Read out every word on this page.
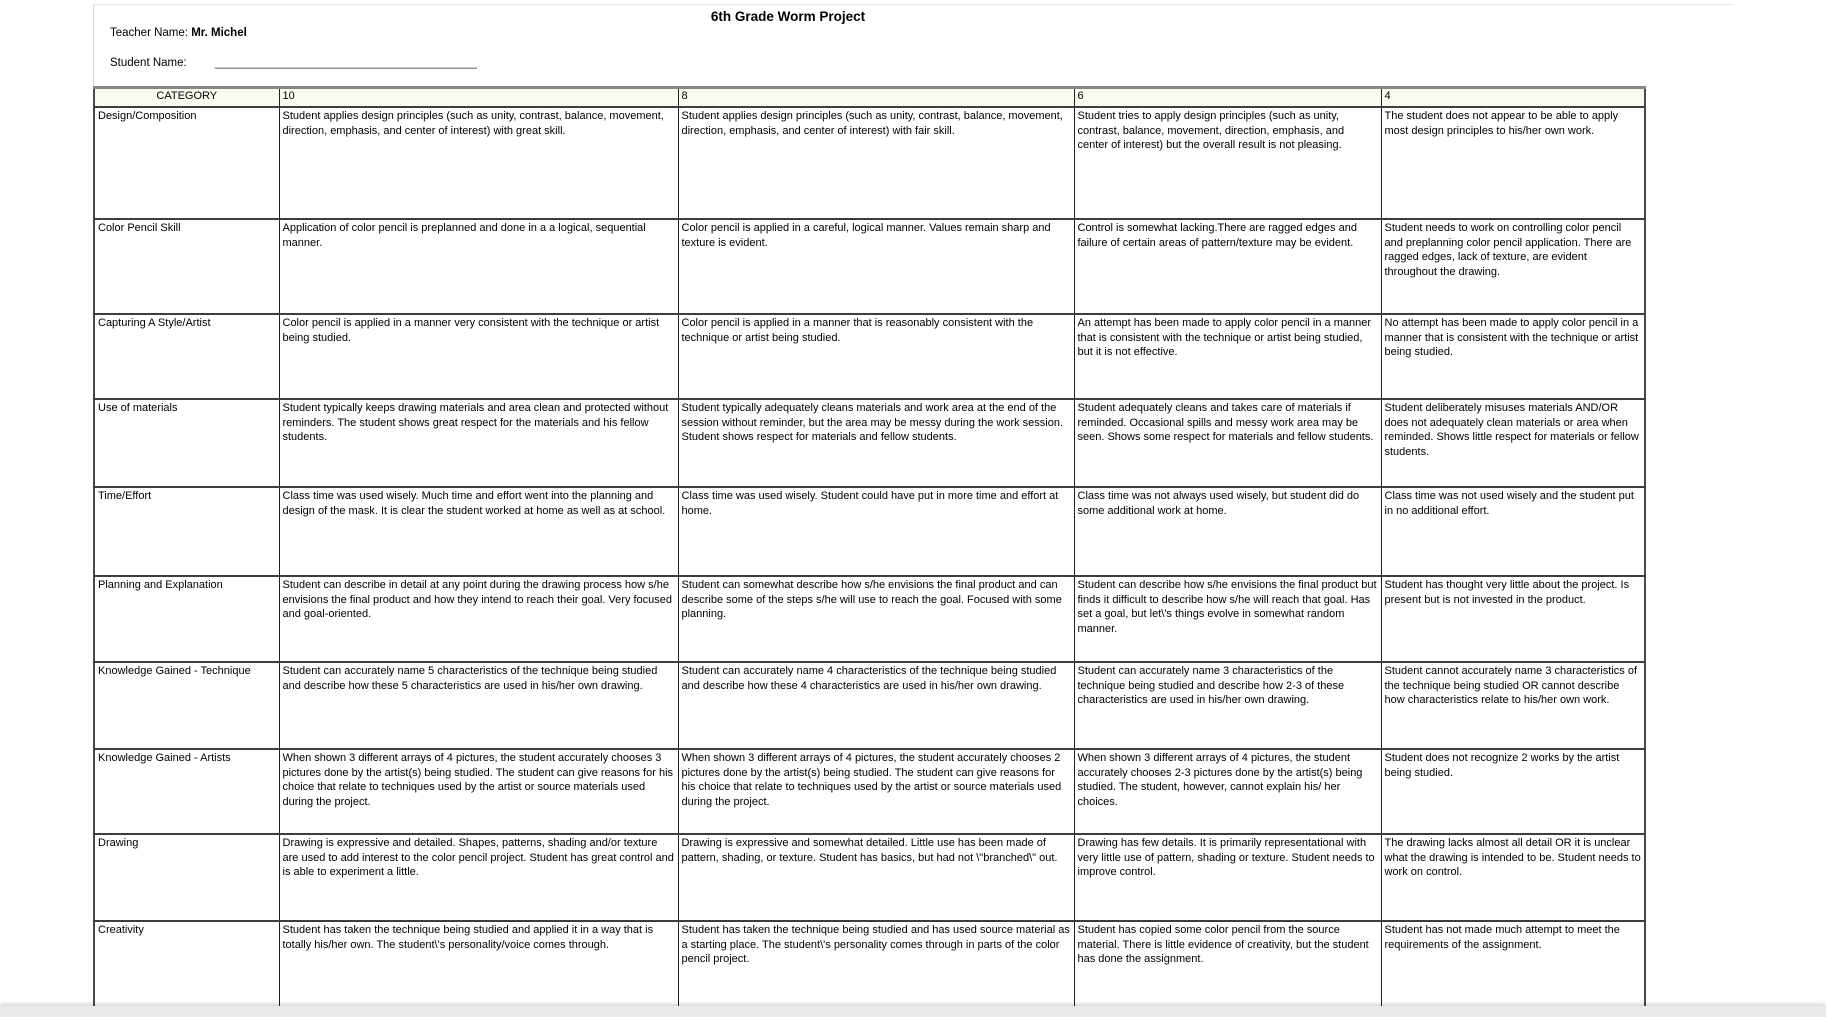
6th Grade Worm Project
Teacher Name: Mr. Michel
Student Name: _________________________________________
CATEGORY	10	8	6	4
Design/Composition	Student applies design principles (such as unity, contrast, balance, movement, direction, emphasis, and center of interest) with great skill.	Student applies design principles (such as unity, contrast, balance, movement, direction, emphasis, and center of interest) with fair skill.	Student tries to apply design principles (such as unity, contrast, balance, movement, direction, emphasis, and center of interest) but the overall result is not pleasing.	The student does not appear to be able to apply most design principles to his/her own work.
Color Pencil Skill	Application of color pencil is preplanned and done in a a logical, sequential manner.	Color pencil is applied in a careful, logical manner. Values remain sharp and texture is evident.	Control is somewhat lacking.There are ragged edges and failure of certain areas of pattern/texture may be evident.	Student needs to work on controlling color pencil and preplanning color pencil application. There are ragged edges, lack of texture, are evident throughout the drawing.
Capturing A Style/Artist	Color pencil is applied in a manner very consistent with the technique or artist being studied.	Color pencil is applied in a manner that is reasonably consistent with the technique or artist being studied.	An attempt has been made to apply color pencil in a manner that is consistent with the technique or artist being studied, but it is not effective.	No attempt has been made to apply color pencil in a manner that is consistent with the technique or artist being studied.
Use of materials	Student typically keeps drawing materials and area clean and protected without reminders. The student shows great respect for the materials and his fellow students.	Student typically adequately cleans materials and work area at the end of the session without reminder, but the area may be messy during the work session. Student shows respect for materials and fellow students.	Student adequately cleans and takes care of materials if reminded. Occasional spills and messy work area may be seen. Shows some respect for materials and fellow students.	Student deliberately misuses materials AND/OR does not adequately clean materials or area when reminded. Shows little respect for materials or fellow students.
Time/Effort	Class time was used wisely. Much time and effort went into the planning and design of the mask. It is clear the student worked at home as well as at school.	Class time was used wisely. Student could have put in more time and effort at home.	Class time was not always used wisely, but student did do some additional work at home.	Class time was not used wisely and the student put in no additional effort.
Planning and Explanation	Student can describe in detail at any point during the drawing process how s/he envisions the final product and how they intend to reach their goal. Very focused and goal-oriented.	Student can somewhat describe how s/he envisions the final product and can describe some of the steps s/he will use to reach the goal. Focused with some planning.	Student can describe how s/he envisions the final product but finds it difficult to describe how s/he will reach that goal. Has set a goal, but let\'s things evolve in somewhat random manner.	Student has thought very little about the project. Is present but is not invested in the product.
Knowledge Gained - Technique	Student can accurately name 5 characteristics of the technique being studied and describe how these 5 characteristics are used in his/her own drawing.	Student can accurately name 4 characteristics of the technique being studied and describe how these 4 characteristics are used in his/her own drawing.	Student can accurately name 3 characteristics of the technique being studied and describe how 2-3 of these characteristics are used in his/her own drawing.	Student cannot accurately name 3 characteristics of the technique being studied OR cannot describe how characteristics relate to his/her own work.
Knowledge Gained - Artists	When shown 3 different arrays of 4 pictures, the student accurately chooses 3 pictures done by the artist(s) being studied. The student can give reasons for his choice that relate to techniques used by the artist or source materials used during the project.	When shown 3 different arrays of 4 pictures, the student accurately chooses 2 pictures done by the artist(s) being studied. The student can give reasons for his choice that relate to techniques used by the artist or source materials used during the project.	When shown 3 different arrays of 4 pictures, the student accurately chooses 2-3 pictures done by the artist(s) being studied. The student, however, cannot explain his/ her choices.	Student does not recognize 2 works by the artist being studied.
Drawing	Drawing is expressive and detailed. Shapes, patterns, shading and/or texture are used to add interest to the color pencil project. Student has great control and is able to experiment a little.	Drawing is expressive and somewhat detailed. Little use has been made of pattern, shading, or texture. Student has basics, but had not \"branched\" out.	Drawing has few details. It is primarily representational with very little use of pattern, shading or texture. Student needs to improve control.	The drawing lacks almost all detail OR it is unclear what the drawing is intended to be. Student needs to work on control.
Creativity	Student has taken the technique being studied and applied it in a way that is totally his/her own. The student\'s personality/voice comes through.	Student has taken the technique being studied and has used source material as a starting place. The student\'s personality comes through in parts of the color pencil project.	Student has copied some color pencil from the source material. There is little evidence of creativity, but the student has done the assignment.	Student has not made much attempt to meet the requirements of the assignment.
